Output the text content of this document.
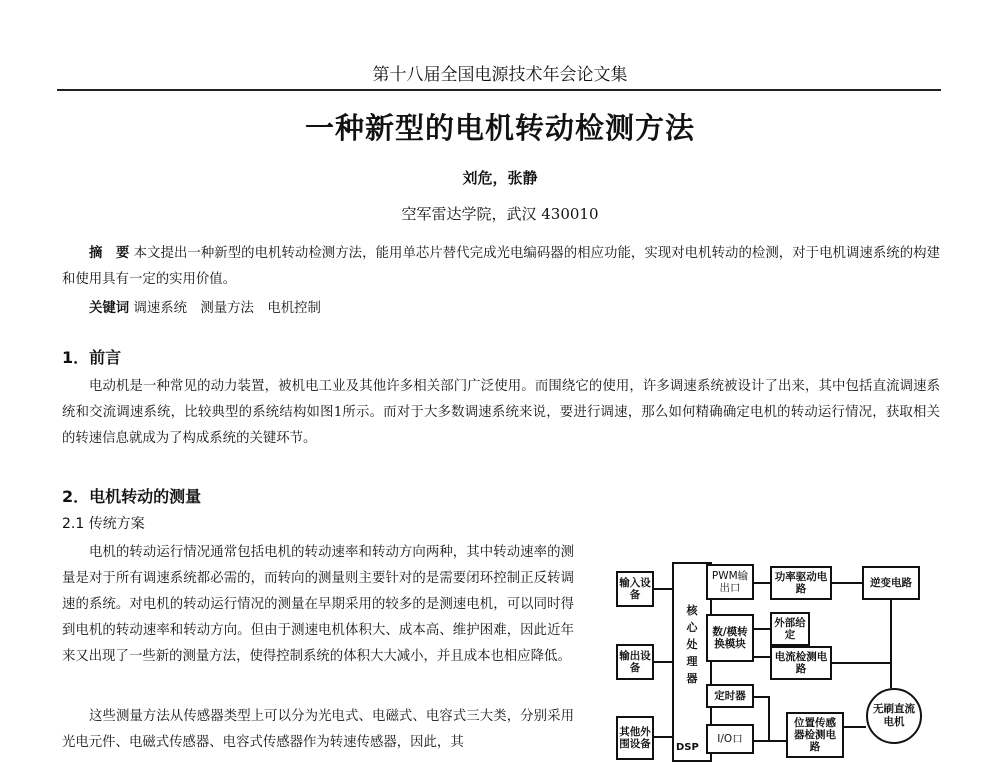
第十八届全国电源技术年会论文集
一种新型的电机转动检测方法
刘危，张静
空军雷达学院，武汉 430010
摘　要 本文提出一种新型的电机转动检测方法，能用单芯片替代完成光电编码器的相应功能，实现对电机转动的检测，对于电机调速系统的构建和使用具有一定的实用价值。
关键词 调速系统　测量方法　电机控制
1．前言
电动机是一种常见的动力装置，被机电工业及其他许多相关部门广泛使用。而围绕它的使用，许多调速系统被设计了出来，其中包括直流调速系统和交流调速系统，比较典型的系统结构如图1所示。而对于大多数调速系统来说，要进行调速，那么如何精确确定电机的转动运行情况，获取相关的转速信息就成为了构成系统的关键环节。
2．电机转动的测量
2.1 传统方案
电机的转动运行情况通常包括电机的转动速率和转动方向两种，其中转动速率的测量是对于所有调速系统都必需的，而转向的测量则主要针对的是需要闭环控制正反转调速的系统。对电机的转动运行情况的测量在早期采用的较多的是测速电机，可以同时得到电机的转动速率和转动方向。但由于测速电机体积大、成本高、维护困难，因此近年来又出现了一些新的测量方法，使得控制系统的体积大大减小，并且成本也相应降低。
这些测量方法从传感器类型上可以分为光电式、电磁式、电容式三大类，分别采用光电元件、电磁式传感器、电容式传感器作为转速传感器，因此，其
核心处理器
DSP
输入设备
输出设备
其他外围设备
PWM输出口
数/模转换模块
定时器
I/O口
功率驱动电路
外部给定
电流检测电路
位置传感器检测电路
逆变电路
无刷直流电机
